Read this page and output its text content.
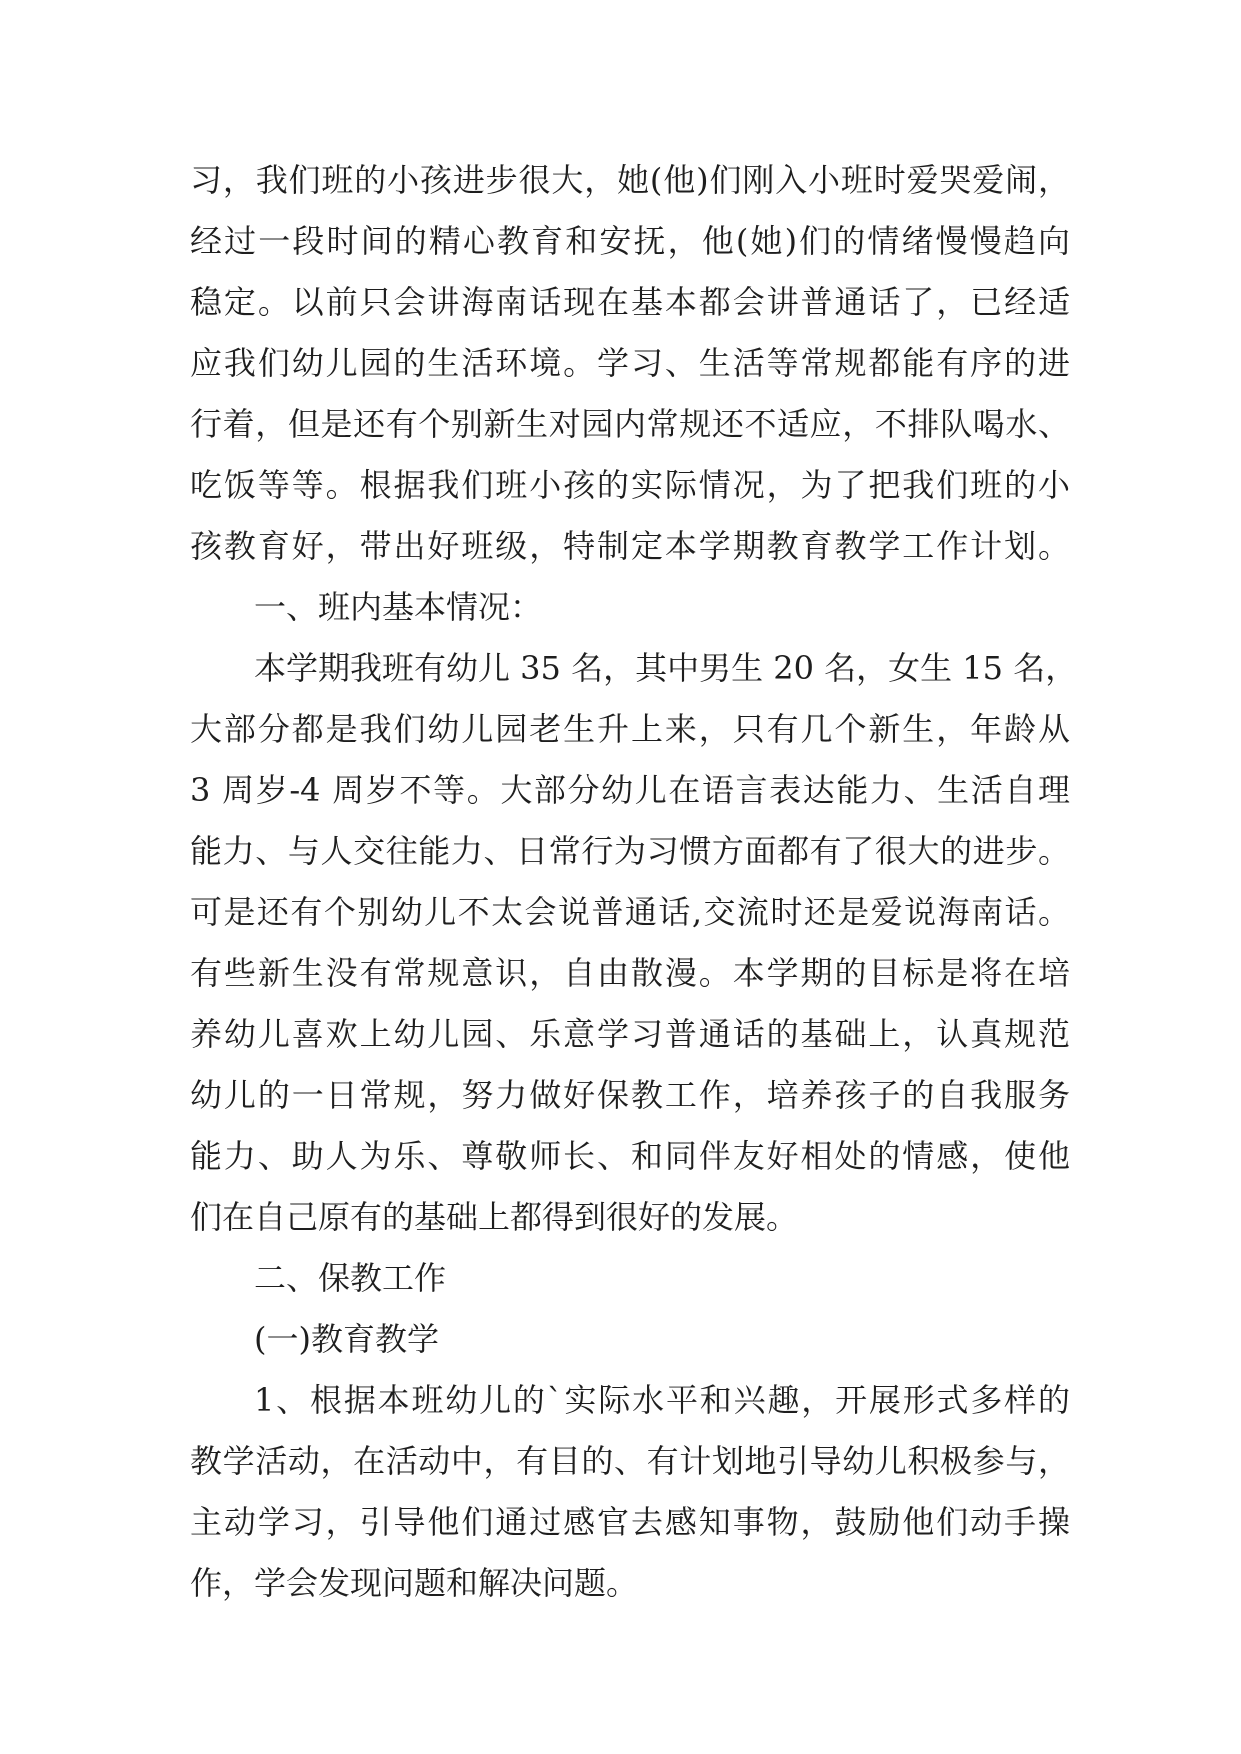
习，我们班的小孩进步很大，她(他)们刚入小班时爱哭爱闹，
经过一段时间的精心教育和安抚，他(她)们的情绪慢慢趋向
稳定。以前只会讲海南话现在基本都会讲普通话了，已经适
应我们幼儿园的生活环境。学习、生活等常规都能有序的进
行着，但是还有个别新生对园内常规还不适应，不排队喝水、
吃饭等等。根据我们班小孩的实际情况，为了把我们班的小
孩教育好，带出好班级，特制定本学期教育教学工作计划。
一、班内基本情况：
本学期我班有幼儿 35 名，其中男生 20 名，女生 15 名，
大部分都是我们幼儿园老生升上来，只有几个新生，年龄从
3 周岁-4 周岁不等。大部分幼儿在语言表达能力、生活自理
能力、与人交往能力、日常行为习惯方面都有了很大的进步。
可是还有个别幼儿不太会说普通话,交流时还是爱说海南话。
有些新生没有常规意识，自由散漫。本学期的目标是将在培
养幼儿喜欢上幼儿园、乐意学习普通话的基础上，认真规范
幼儿的一日常规，努力做好保教工作，培养孩子的自我服务
能力、助人为乐、尊敬师长、和同伴友好相处的情感，使他
们在自己原有的基础上都得到很好的发展。
二、保教工作
(一)教育教学
1、根据本班幼儿的`实际水平和兴趣，开展形式多样的
教学活动，在活动中，有目的、有计划地引导幼儿积极参与，
主动学习，引导他们通过感官去感知事物，鼓励他们动手操
作，学会发现问题和解决问题。
